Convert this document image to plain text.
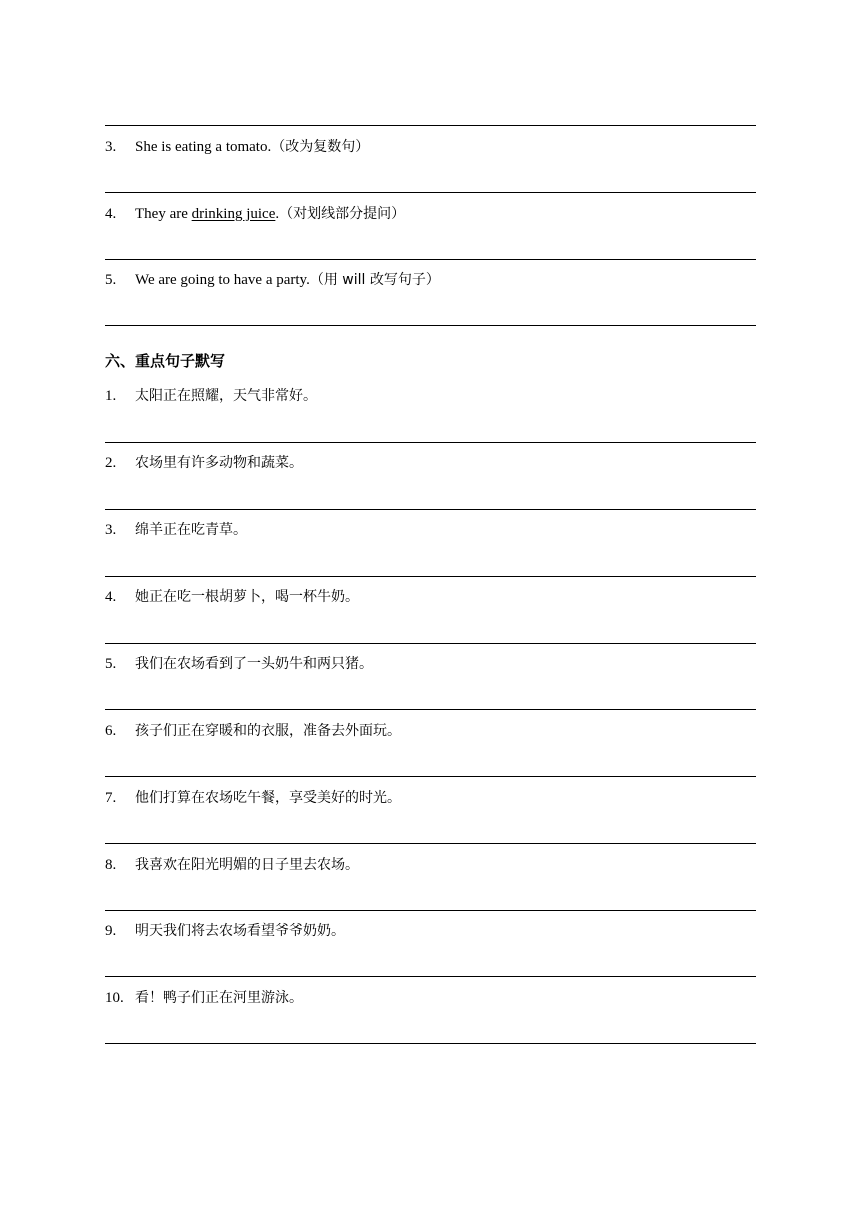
3. She is eating a tomato.（改为复数句）
4. They are drinking juice.（对划线部分提问）
5. We are going to have a party.（用 will 改写句子）
六、重点句子默写
1. 太阳正在照耀，天气非常好。
2. 农场里有许多动物和蔬菜。
3. 绵羊正在吃青草。
4. 她正在吃一根胡萝卜，喝一杯牛奶。
5. 我们在农场看到了一头奶牛和两只猪。
6. 孩子们正在穿暖和的衣服，准备去外面玩。
7. 他们打算在农场吃午餐，享受美好的时光。
8. 我喜欢在阳光明媚的日子里去农场。
9. 明天我们将去农场看望爷爷奶奶。
10. 看！鸭子们正在河里游泳。
